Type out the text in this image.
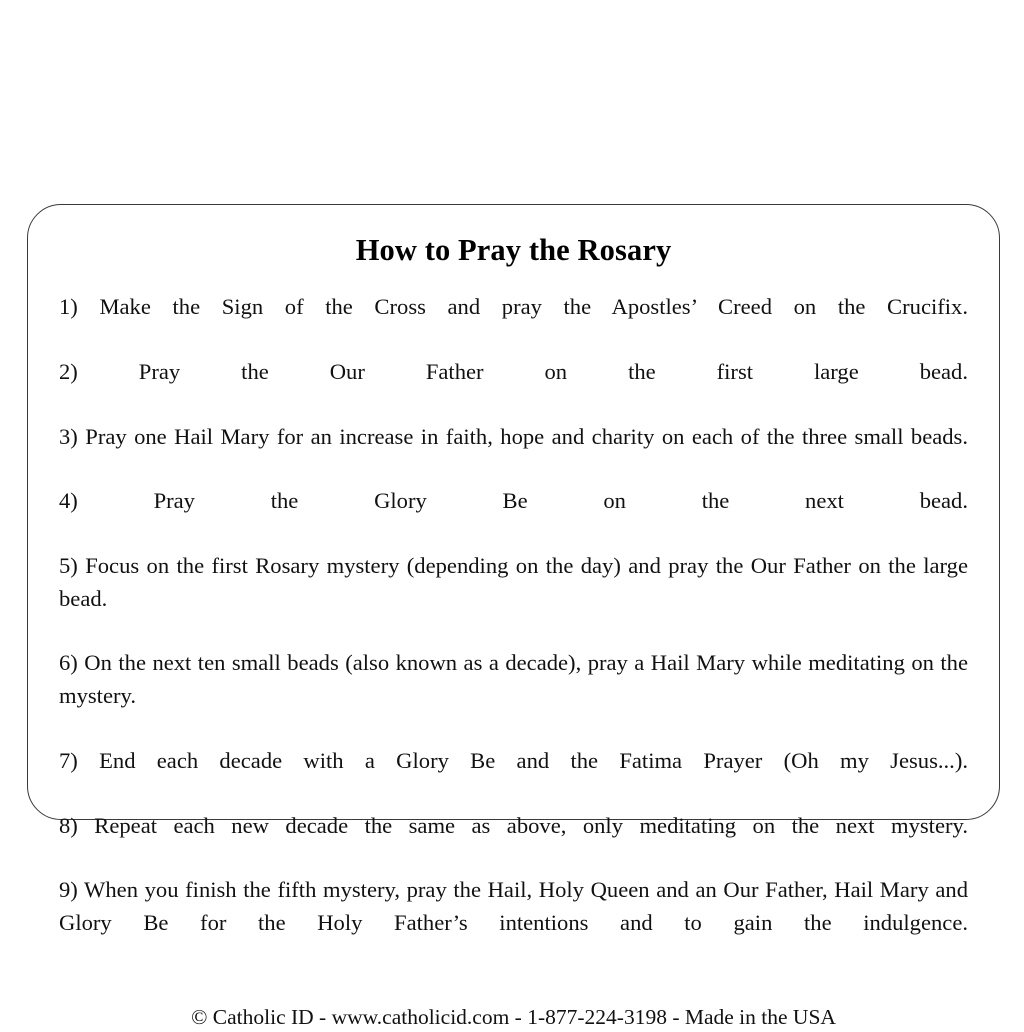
How to Pray the Rosary

1) Make the Sign of the Cross and pray the Apostles’ Creed on the Crucifix.

2) Pray the Our Father on the first large bead.

3) Pray one Hail Mary for an increase in faith, hope and charity on each of the three small beads.

4) Pray the Glory Be on the next bead.

5) Focus on the first Rosary mystery (depending on the day) and pray the Our Father on the large bead.

6) On the next ten small beads (also known as a decade), pray a Hail Mary while meditating on the mystery.

7) End each decade with a Glory Be and the Fatima Prayer (Oh my Jesus...).

8) Repeat each new decade the same as above, only meditating on the next mystery.

9) When you finish the fifth mystery, pray the Hail, Holy Queen and an Our Father, Hail Mary and Glory Be for the Holy Father’s intentions and to gain the indulgence.

© Catholic ID - www.catholicid.com - 1-877-224-3198 - Made in the USA
